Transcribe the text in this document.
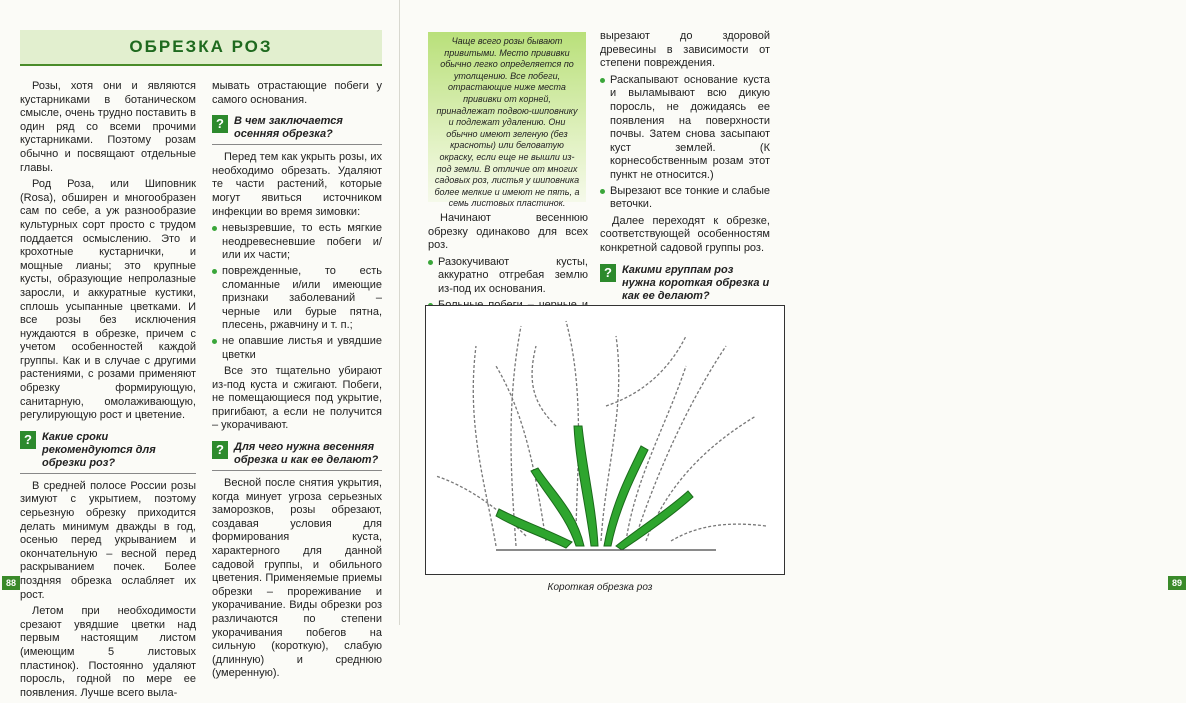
ОБРЕЗКА РОЗ

Розы, хотя они и являются кустарниками в ботаническом смысле, очень трудно поставить в один ряд со всеми прочими кустарниками. Поэтому розам обычно и посвящают отдельные главы.

Род Роза, или Шиповник (Rosa), обширен и многообразен сам по себе, а уж разнообразие культурных сорт просто с трудом поддается осмыслению. Это и крохотные кустарнички, и мощные лианы; это крупные кусты, образующие непролазные заросли, и аккуратные кустики, сплошь усыпанные цветками. И все розы без исключения нуждаются в обрезке, причем с учетом особенностей каждой группы. Как и в случае с другими растениями, с розами применяют обрезку формирующую, санитарную, омолаживающую, регулирующую рост и цветение.

? Какие сроки рекомендуются для обрезки роз?

В средней полосе России розы зимуют с укрытием, поэтому серьезную обрезку приходится делать минимум дважды в год, осенью перед укрыванием и окончательную – весной перед раскрыванием почек. Более поздняя обрезка ослабляет их рост.

Летом при необходимости срезают увядшие цветки над первым настоящим листом (имеющим 5 листовых пластинок). Постоянно удаляют поросль, годной по мере ее появления. Лучше всего выла-

мывать отрастающие побеги у самого основания.

? В чем заключается осенняя обрезка?

Перед тем как укрыть розы, их необходимо обрезать. Удаляют те части растений, которые могут явиться источником инфекции во время зимовки:

невызревшие, то есть мягкие неодревесневшие побеги и/или их части;
поврежденные, то есть сломанные и/или имеющие признаки заболеваний – черные или бурые пятна, плесень, ржавчину и т. п.;
не опавшие листья и увядшие цветки

Все это тщательно убирают из-под куста и сжигают. Побеги, не помещающиеся под укрытие, пригибают, а если не получится – укорачивают.

? Для чего нужна весенняя обрезка и как ее делают?

Весной после снятия укрытия, когда минует угроза серьезных заморозков, розы обрезают, создавая условия для формирования куста, характерного для данной садовой группы, и обильного цветения. Применяемые приемы обрезки – прореживание и укорачивание. Виды обрезки роз различаются по степени укорачивания побегов на сильную (короткую), слабую (длинную) и среднюю (умеренную).

88
Чаще всего розы бывают привитыми. Место прививки обычно легко определяется по утолщению. Все побеги, отрастающие ниже места прививки от корней, принадлежат подвою-шиповнику и подлежат удалению. Они обычно имеют зеленую (без красноты) или беловатую окраску, если еще не вышли из-под земли. В отличие от многих садовых роз, листья у шиповника более мелкие и имеют не пять, а семь листовых пластинок.

Начинают весеннюю обрезку одинаково для всех роз.

Разокучивают кусты, аккуратно отгребая землю из-под их основания.

вырезают до здоровой древесины в зависимости от степени повреждения.

Раскапывают основание куста и выламывают всю дикую поросль, не дожидаясь ее появления на поверхности почвы. Затем снова засыпают куст землей. (К корнесобственным розам этот пункт не относится.)
Вырезают все тонкие и слабые веточки.

Далее переходят к обрезке, соответствующей особенностям конкретной садовой группы роз.

? Какими группам роз нужна короткая обрезка и как ее делают?

Короткая обрезка роз	89
